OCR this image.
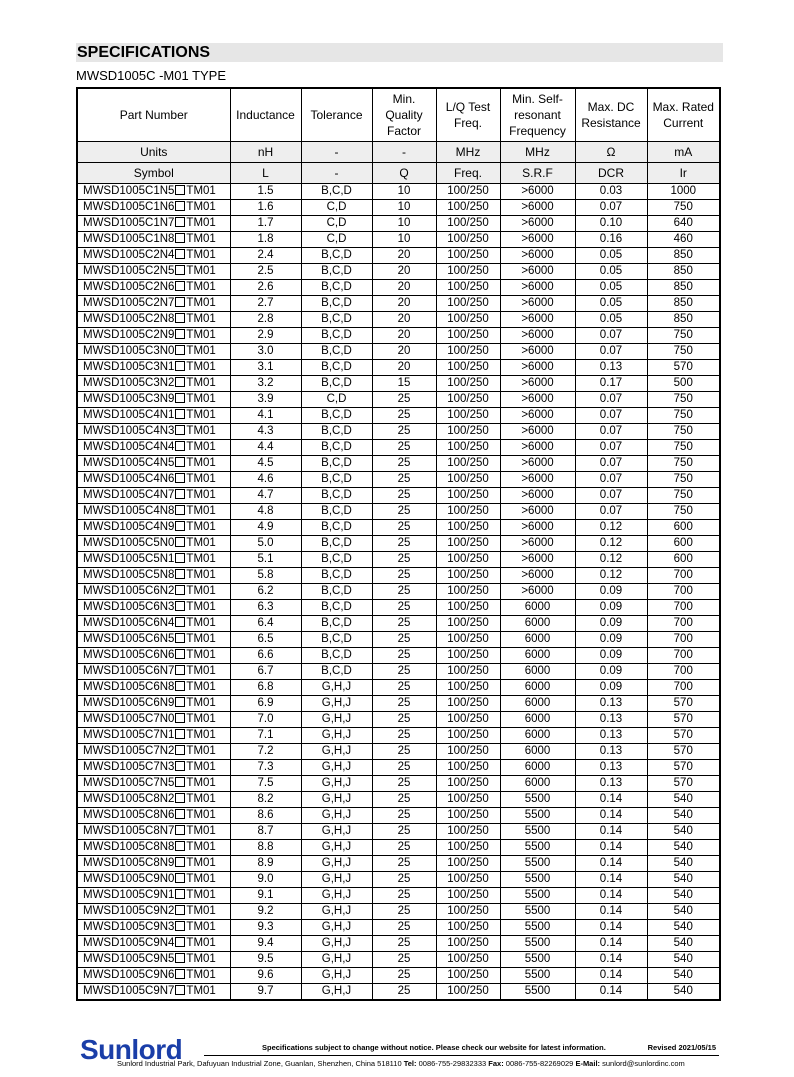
SPECIFICATIONS
MWSD1005C -M01 TYPE
Part Number	Inductance	Tolerance	Min. Quality Factor	L/Q Test Freq.	Min. Self-resonant Frequency	Max. DC Resistance	Max. Rated Current
Units	nH	-	-	MHz	MHz	Ω	mA
Symbol	L	-	Q	Freq.	S.R.F	DCR	Ir
MWSD1005C1N5 TM01	1.5	B,C,D	10	100/250	>6000	0.03	1000
MWSD1005C1N6 TM01	1.6	C,D	10	100/250	>6000	0.07	750
MWSD1005C1N7 TM01	1.7	C,D	10	100/250	>6000	0.10	640
MWSD1005C1N8 TM01	1.8	C,D	10	100/250	>6000	0.16	460
MWSD1005C2N4 TM01	2.4	B,C,D	20	100/250	>6000	0.05	850
MWSD1005C2N5 TM01	2.5	B,C,D	20	100/250	>6000	0.05	850
MWSD1005C2N6 TM01	2.6	B,C,D	20	100/250	>6000	0.05	850
MWSD1005C2N7 TM01	2.7	B,C,D	20	100/250	>6000	0.05	850
MWSD1005C2N8 TM01	2.8	B,C,D	20	100/250	>6000	0.05	850
MWSD1005C2N9 TM01	2.9	B,C,D	20	100/250	>6000	0.07	750
MWSD1005C3N0 TM01	3.0	B,C,D	20	100/250	>6000	0.07	750
MWSD1005C3N1 TM01	3.1	B,C,D	20	100/250	>6000	0.13	570
MWSD1005C3N2 TM01	3.2	B,C,D	15	100/250	>6000	0.17	500
MWSD1005C3N9 TM01	3.9	C,D	25	100/250	>6000	0.07	750
MWSD1005C4N1 TM01	4.1	B,C,D	25	100/250	>6000	0.07	750
MWSD1005C4N3 TM01	4.3	B,C,D	25	100/250	>6000	0.07	750
MWSD1005C4N4 TM01	4.4	B,C,D	25	100/250	>6000	0.07	750
MWSD1005C4N5 TM01	4.5	B,C,D	25	100/250	>6000	0.07	750
MWSD1005C4N6 TM01	4.6	B,C,D	25	100/250	>6000	0.07	750
MWSD1005C4N7 TM01	4.7	B,C,D	25	100/250	>6000	0.07	750
MWSD1005C4N8 TM01	4.8	B,C,D	25	100/250	>6000	0.07	750
MWSD1005C4N9 TM01	4.9	B,C,D	25	100/250	>6000	0.12	600
MWSD1005C5N0 TM01	5.0	B,C,D	25	100/250	>6000	0.12	600
MWSD1005C5N1 TM01	5.1	B,C,D	25	100/250	>6000	0.12	600
MWSD1005C5N8 TM01	5.8	B,C,D	25	100/250	>6000	0.12	700
MWSD1005C6N2 TM01	6.2	B,C,D	25	100/250	>6000	0.09	700
MWSD1005C6N3 TM01	6.3	B,C,D	25	100/250	6000	0.09	700
MWSD1005C6N4 TM01	6.4	B,C,D	25	100/250	6000	0.09	700
MWSD1005C6N5 TM01	6.5	B,C,D	25	100/250	6000	0.09	700
MWSD1005C6N6 TM01	6.6	B,C,D	25	100/250	6000	0.09	700
MWSD1005C6N7 TM01	6.7	B,C,D	25	100/250	6000	0.09	700
MWSD1005C6N8 TM01	6.8	G,H,J	25	100/250	6000	0.09	700
MWSD1005C6N9 TM01	6.9	G,H,J	25	100/250	6000	0.13	570
MWSD1005C7N0 TM01	7.0	G,H,J	25	100/250	6000	0.13	570
MWSD1005C7N1 TM01	7.1	G,H,J	25	100/250	6000	0.13	570
MWSD1005C7N2 TM01	7.2	G,H,J	25	100/250	6000	0.13	570
MWSD1005C7N3 TM01	7.3	G,H,J	25	100/250	6000	0.13	570
MWSD1005C7N5 TM01	7.5	G,H,J	25	100/250	6000	0.13	570
MWSD1005C8N2 TM01	8.2	G,H,J	25	100/250	5500	0.14	540
MWSD1005C8N6 TM01	8.6	G,H,J	25	100/250	5500	0.14	540
MWSD1005C8N7 TM01	8.7	G,H,J	25	100/250	5500	0.14	540
MWSD1005C8N8 TM01	8.8	G,H,J	25	100/250	5500	0.14	540
MWSD1005C8N9 TM01	8.9	G,H,J	25	100/250	5500	0.14	540
MWSD1005C9N0 TM01	9.0	G,H,J	25	100/250	5500	0.14	540
MWSD1005C9N1 TM01	9.1	G,H,J	25	100/250	5500	0.14	540
MWSD1005C9N2 TM01	9.2	G,H,J	25	100/250	5500	0.14	540
MWSD1005C9N3 TM01	9.3	G,H,J	25	100/250	5500	0.14	540
MWSD1005C9N4 TM01	9.4	G,H,J	25	100/250	5500	0.14	540
MWSD1005C9N5 TM01	9.5	G,H,J	25	100/250	5500	0.14	540
MWSD1005C9N6 TM01	9.6	G,H,J	25	100/250	5500	0.14	540
MWSD1005C9N7 TM01	9.7	G,H,J	25	100/250	5500	0.14	540
Sunlord	Specifications subject to change without notice. Please check our website for latest information.	Revised 2021/05/15
Sunlord Industrial Park, Dafuyuan Industrial Zone, Guanlan, Shenzhen, China 518110 Tel: 0086-755-29832333 Fax: 0086-755-82269029 E-Mail: sunlord@sunlordinc.com
